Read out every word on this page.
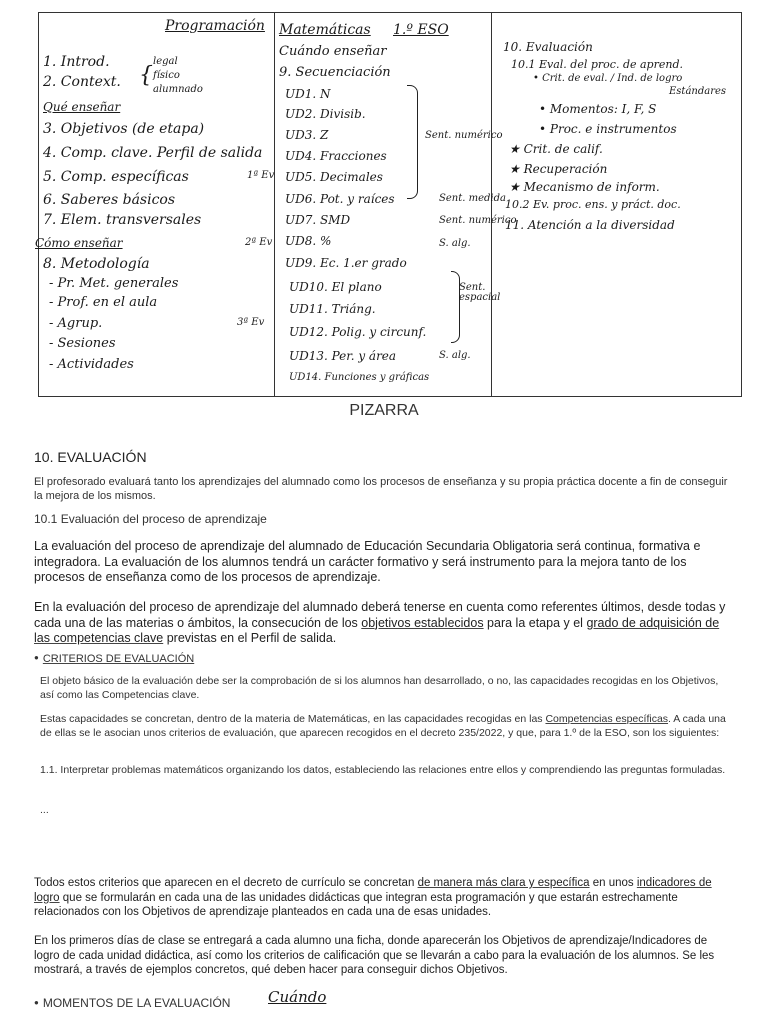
Programación
1. Introd.
2. Context.
Qué enseñar
3. Objetivos (de etapa)
4. Comp. clave. Perfil de salida
5. Comp. específicas
6. Saberes básicos
7. Elem. transversales
Cómo enseñar
8. Metodología
- Pr. Met. generales
- Prof. en el aula
- Agrup.
- Sesiones
- Actividades
{
legal
físico
alumnado
1ª Ev
2ª Ev
3ª Ev
Matemáticas 1.º ESO
Cuándo enseñar
9. Secuenciación
UD1. N
UD2. Divisib.
UD3. Z
UD4. Fracciones
UD5. Decimales
UD6. Pot. y raíces
UD7. SMD
UD8. %
UD9. Ec. 1.er grado
UD10. El plano
UD11. Triáng.
UD12. Polig. y circunf.
UD13. Per. y área
UD14. Funciones y gráficas
Sent. numérico
Sent. medida
Sent. numérico
S. alg.
Sent. espacial
S. alg.
10. Evaluación
10.1 Eval. del proc. de aprend.
• Crit. de eval. / Ind. de logro
Estándares
• Momentos: I, F, S
• Proc. e instrumentos
★ Crit. de calif.
★ Recuperación
★ Mecanismo de inform.
10.2 Ev. proc. ens. y práct. doc.
11. Atención a la diversidad
PIZARRA
10. EVALUACIÓN
El profesorado evaluará tanto los aprendizajes del alumnado como los procesos de enseñanza y su propia práctica docente a fin de conseguir la mejora de los mismos.
10.1 Evaluación del proceso de aprendizaje
La evaluación del proceso de aprendizaje del alumnado de Educación Secundaria Obligatoria será continua, formativa e integradora. La evaluación de los alumnos tendrá un carácter formativo y será instrumento para la mejora tanto de los procesos de enseñanza como de los procesos de aprendizaje.
En la evaluación del proceso de aprendizaje del alumnado deberá tenerse en cuenta como referentes últimos, desde todas y cada una de las materias o ámbitos, la consecución de los objetivos establecidos para la etapa y el grado de adquisición de las competencias clave previstas en el Perfil de salida.
● CRITERIOS DE EVALUACIÓN
El objeto básico de la evaluación debe ser la comprobación de si los alumnos han desarrollado, o no, las capacidades recogidas en los Objetivos, así como las Competencias clave.
Estas capacidades se concretan, dentro de la materia de Matemáticas, en las capacidades recogidas en las Competencias específicas. A cada una de ellas se le asocian unos criterios de evaluación, que aparecen recogidos en el decreto 235/2022, y que, para 1.º de la ESO, son los siguientes:
1.1. Interpretar problemas matemáticos organizando los datos, estableciendo las relaciones entre ellos y comprendiendo las preguntas formuladas.
...
Todos estos criterios que aparecen en el decreto de currículo se concretan de manera más clara y específica en unos indicadores de logro que se formularán en cada una de las unidades didácticas que integran esta programación y que estarán estrechamente relacionados con los Objetivos de aprendizaje planteados en cada una de esas unidades.
En los primeros días de clase se entregará a cada alumno una ficha, donde aparecerán los Objetivos de aprendizaje/Indicadores de logro de cada unidad didáctica, así como los criterios de calificación que se llevarán a cabo para la evaluación de los alumnos. Se les mostrará, a través de ejemplos concretos, qué deben hacer para conseguir dichos Objetivos.
● MOMENTOS DE LA EVALUACIÓN	Cuándo
